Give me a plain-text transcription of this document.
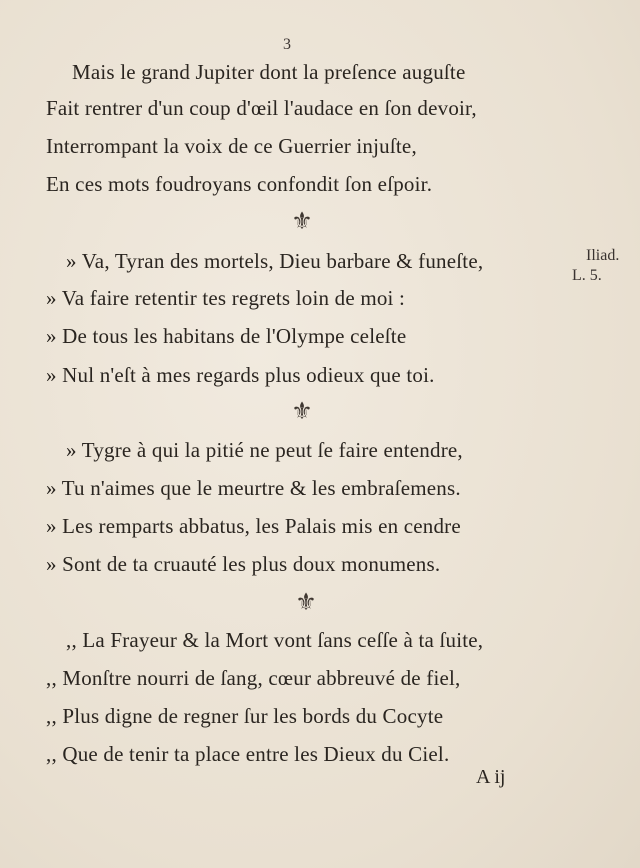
3
Mais le grand Jupiter dont la preſence auguſte
Fait rentrer d'un coup d'œil l'audace en ſon devoir,
Interrompant la voix de ce Guerrier injuſte,
En ces mots foudroyans confondit ſon eſpoir.
⚜
» Va, Tyran des mortels, Dieu barbare & funeſte,
» Va faire retentir tes regrets loin de moi :
» De tous les habitans de l'Olympe celeſte
» Nul n'eſt à mes regards plus odieux que toi.
Iliad.
L. 5.
⚜
» Tygre à qui la pitié ne peut ſe faire entendre,
» Tu n'aimes que le meurtre & les embraſemens.
» Les remparts abbatus, les Palais mis en cendre
» Sont de ta cruauté les plus doux monumens.
⚜
,, La Frayeur & la Mort vont ſans ceſſe à ta ſuite,
,, Monſtre nourri de ſang, cœur abbreuvé de fiel,
,, Plus digne de regner ſur les bords du Cocyte
,, Que de tenir ta place entre les Dieux du Ciel.
A ij
